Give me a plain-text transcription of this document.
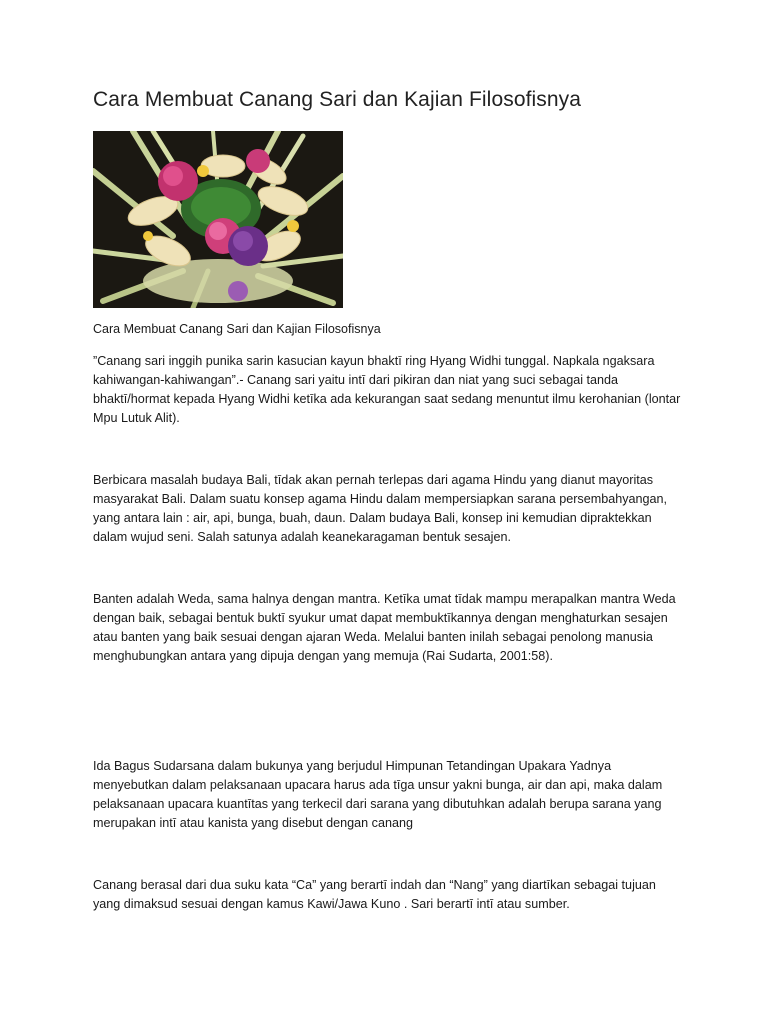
Cara Membuat Canang Sari dan Kajian Filosofisnya
Cara Membuat Canang Sari dan Kajian Filosofisnya

”Canang sari inggih punika sarin kasucian kayun bhaktī ring Hyang Widhi tunggal. Napkala ngaksara kahiwangan-kahiwangan”.- Canang sari yaitu intī dari pikiran dan niat yang suci sebagai tanda bhaktī/hormat kepada Hyang Widhi ketīka ada kekurangan saat sedang menuntut ilmu kerohanian (lontar Mpu Lutuk Alit).

Berbicara masalah budaya Bali, tīdak akan pernah terlepas dari agama Hindu yang dianut mayoritas masyarakat Bali. Dalam suatu konsep agama Hindu dalam mempersiapkan sarana persembahyangan, yang antara lain : air, api, bunga, buah, daun. Dalam budaya Bali, konsep ini kemudian dipraktekkan dalam wujud seni. Salah satunya adalah keanekaragaman bentuk sesajen.

Banten adalah Weda, sama halnya dengan mantra. Ketīka umat tīdak mampu merapalkan mantra Weda dengan baik, sebagai bentuk buktī syukur umat dapat membuktīkannya dengan menghaturkan sesajen atau banten yang baik sesuai dengan ajaran Weda. Melalui banten inilah sebagai penolong manusia menghubungkan antara yang dipuja dengan yang memuja (Rai Sudarta, 2001:58).

Ida Bagus Sudarsana dalam bukunya yang berjudul Himpunan Tetandingan Upakara Yadnya menyebutkan dalam pelaksanaan upacara harus ada tīga unsur yakni bunga, air dan api, maka dalam pelaksanaan upacara kuantītas yang terkecil dari sarana yang dibutuhkan adalah berupa sarana yang merupakan intī atau kanista yang disebut dengan canang

Canang berasal dari dua suku kata “Ca” yang berartī indah dan “Nang” yang diartīkan sebagai tujuan yang dimaksud sesuai dengan kamus Kawi/Jawa Kuno . Sari berartī intī atau sumber.
